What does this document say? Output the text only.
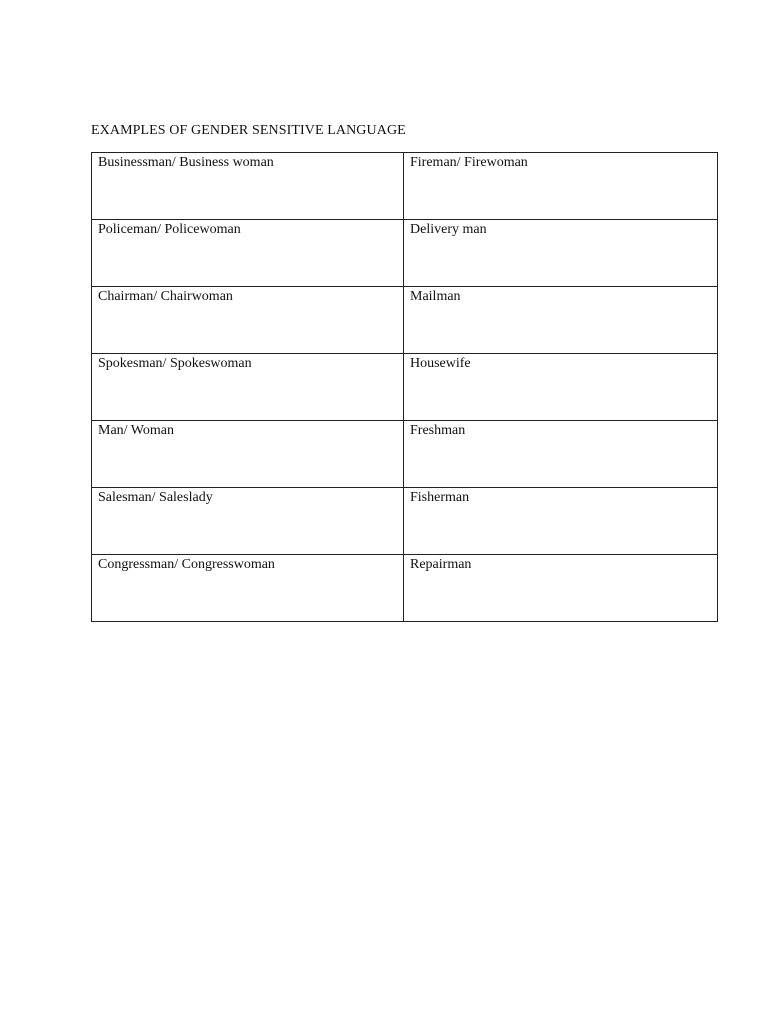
EXAMPLES OF GENDER SENSITIVE LANGUAGE
Businessman/ Business woman	Fireman/ Firewoman
Policeman/ Policewoman	Delivery man
Chairman/ Chairwoman	Mailman
Spokesman/ Spokeswoman	Housewife
Man/ Woman	Freshman
Salesman/ Saleslady	Fisherman
Congressman/ Congresswoman	Repairman
